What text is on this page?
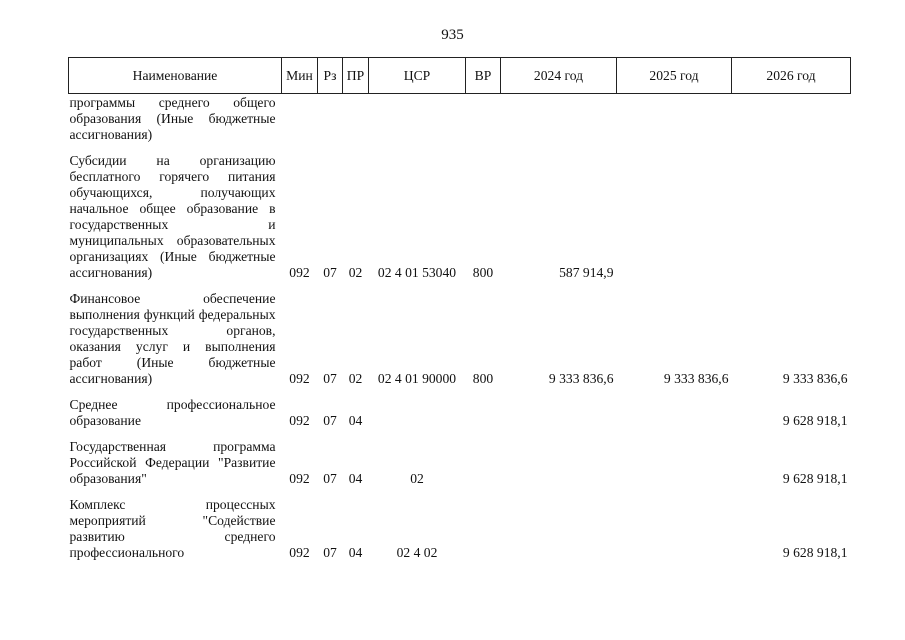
935
Наименование	Мин	Рз	ПР	ЦСР	ВР	2024 год	2025 год	2026 год
программы среднего общего образования (Иные бюджетные ассигнования)								
Субсидии на организацию бесплатного горячего питания обучающихся, получающих начальное общее образование в государственных и муниципальных образовательных организациях (Иные бюджетные ассигнования)	092	07	02	02 4 01 53040	800	587 914,9		
Финансовое обеспечение выполнения функций федеральных государственных органов, оказания услуг и выполнения работ (Иные бюджетные ассигнования)	092	07	02	02 4 01 90000	800	9 333 836,6	9 333 836,6	9 333 836,6
Среднее профессиональное образование	092	07	04					9 628 918,1
Государственная программа Российской Федерации "Развитие образования"	092	07	04	02				9 628 918,1
Комплекс процессных мероприятий "Содействие развитию среднего профессионального	092	07	04	02 4 02				9 628 918,1
